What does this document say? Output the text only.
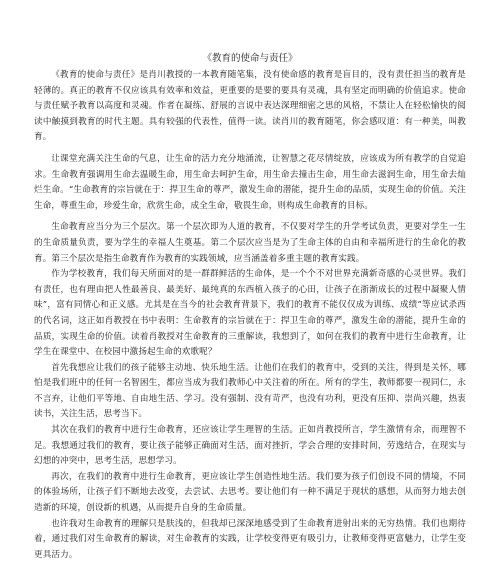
《教育的使命与责任》
《教育的使命与责任》是肖川教授的一本教育随笔集，没有使命感的教育是盲目的，没有责任担当的教育是轻薄的。真正的教育不仅应该具有效率和效益，更重要的是要的要具有灵魂，具有坚定而明确的价值追求。使命与责任赋予教育以高度和灵魂。作者在凝练、舒展的言说中表达深理细密之思的风格，不禁让人在轻松愉快的阅读中触摸到教育的时代主题。具有较强的代表性，值得一读。读肖川的教育随笔，你会感叹道：有一种美，叫教育。
让课堂充满关注生命的气息，让生命的活力充分地涌流，让智慧之花尽情绽放，应该成为所有教学的自觉追求。生命教育强调用生命去温暖生命，用生命去呵护生命，用生命去撞击生命，用生命去滋润生命，用生命去灿烂生命。“生命教育的宗旨就在于：捍卫生命的尊严，激发生命的潜能，提升生命的品质，实现生命的价值。关注生命，尊重生命，珍爱生命，欣赏生命，成全生命，敬畏生命，则构成生命教育的目标。
生命教育应当分为三个层次。第一个层次即为人道的教育，不仅要对学生的升学考试负责，更要对学生一生的生命质量负责，要为学生的幸福人生奠基。第二个层次应当是为了生命主体的自由和幸福所进行的生命化的教育。第三个层次是指生命教育作为教育的实践领域，应当涵盖着多重主题的教育实践。
作为学校教育，我们每天所面对的是一群群鲜活的生命体，是一个个不对世界充满新奇感的心灵世界。我们有责任，也有理由把人性最善良、最美好、最纯真的东西植入孩子的心田，让孩子在浙渐成长的过程中凝聚人情味”，富有同情心和正义感。尤其是在当今的社会教育背景下，我们的教育不能仅仅成为训练、成绩”等应试杀西的代名词，这正如肖教授在书中表明：生命教育的宗旨就在于：捍卫生命的尊严，激发生命的潜能，提升生命的品质，实现生命的价值。读着肖教授对生命教育的三重解读，我想到了，如何在我们的教育中进行生命教育，让学生在课堂中、在校园中激扬起生命的欢歌呢？
首先我想应让我们的孩子能够主动地、快乐地生活。让他们在我们的教育中，受到的关注，得到是关怀，哪怕是我们班中的任何一名智困生，都应当成为我们教师心中关注着的所在。所有的学生，教师都要一视同仁，永不言弃，让他们平等地、自由地生活、学习。没有强制、没有苛严，也没有功利，更没有压抑、崇尚兴趣，热衷读书，关注生活，思考当下。
其次在我们的教育中进行生命教育，还应该让学生理智的生活。正如肖教授所言，学生激情有余，而理智不足。我想通过我们的教育，要让孩子能够正确面对生活，面对挫折，学会合理的安排时间，劳逸结合，在现实与幻想的冲突中，思考生活，思想学习。
再次，在我们的教育中进行生命教育，更应该让学生创造性地生活。我们要为孩子们创设不同的情境，不同的体验场所，让孩子们不断地去改变，去尝试、去思考。要让他们有一种不满足于现状的感想，从而努力地去创造新的环境，创设新的机遇，从而提升自身的生命质量。
也许我对生命教育的理解只是肤浅的，但我却已深深地感受到了生命教育进射出来的无穷热情。我们也期待着，通过我们对生命教育的解读，对生命教育的实践，让学校变得更有吸引力，让教师变得更富魅力，让学生变更具活力。
